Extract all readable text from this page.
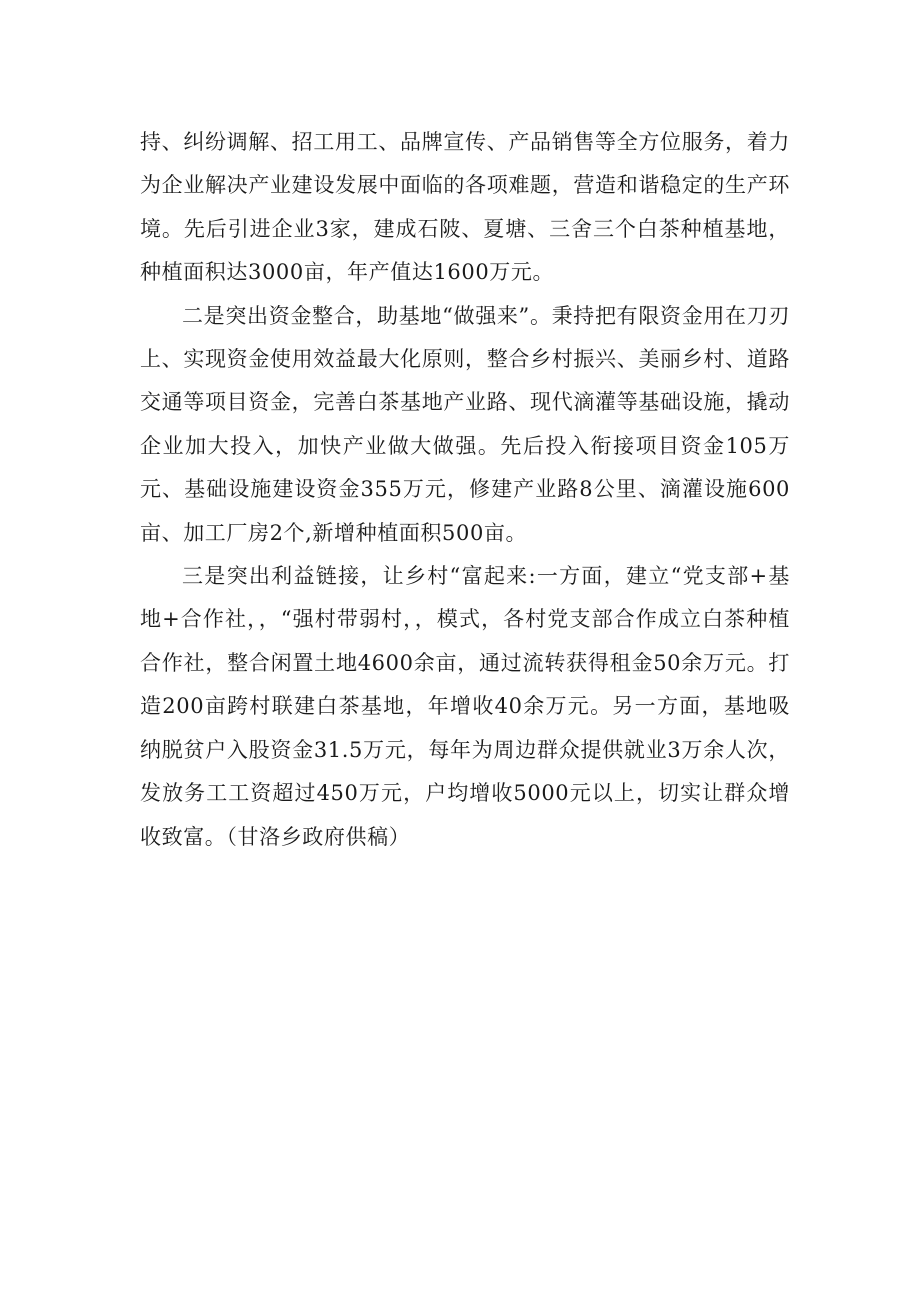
持、纠纷调解、招工用工、品牌宣传、产品销售等全方位服务，着力为企业解决产业建设发展中面临的各项难题，营造和谐稳定的生产环境。先后引进企业3家，建成石陂、夏塘、三舍三个白茶种植基地，种植面积达3000亩，年产值达1600万元。

二是突出资金整合，助基地“做强来”。秉持把有限资金用在刀刃上、实现资金使用效益最大化原则，整合乡村振兴、美丽乡村、道路交通等项目资金，完善白茶基地产业路、现代滴灌等基础设施，撬动企业加大投入，加快产业做大做强。先后投入衔接项目资金105万元、基础设施建设资金355万元，修建产业路8公里、滴灌设施600亩、加工厂房2个,新增种植面积500亩。

三是突出利益链接，让乡村“富起来:一方面，建立“党支部+基地+合作社，，“强村带弱村，，模式，各村党支部合作成立白茶种植合作社，整合闲置土地4600余亩，通过流转获得租金50余万元。打造200亩跨村联建白茶基地，年增收40余万元。另一方面，基地吸纳脱贫户入股资金31.5万元，每年为周边群众提供就业3万余人次，发放务工工资超过450万元，户均增收5000元以上，切实让群众增收致富。（甘洛乡政府供稿）
